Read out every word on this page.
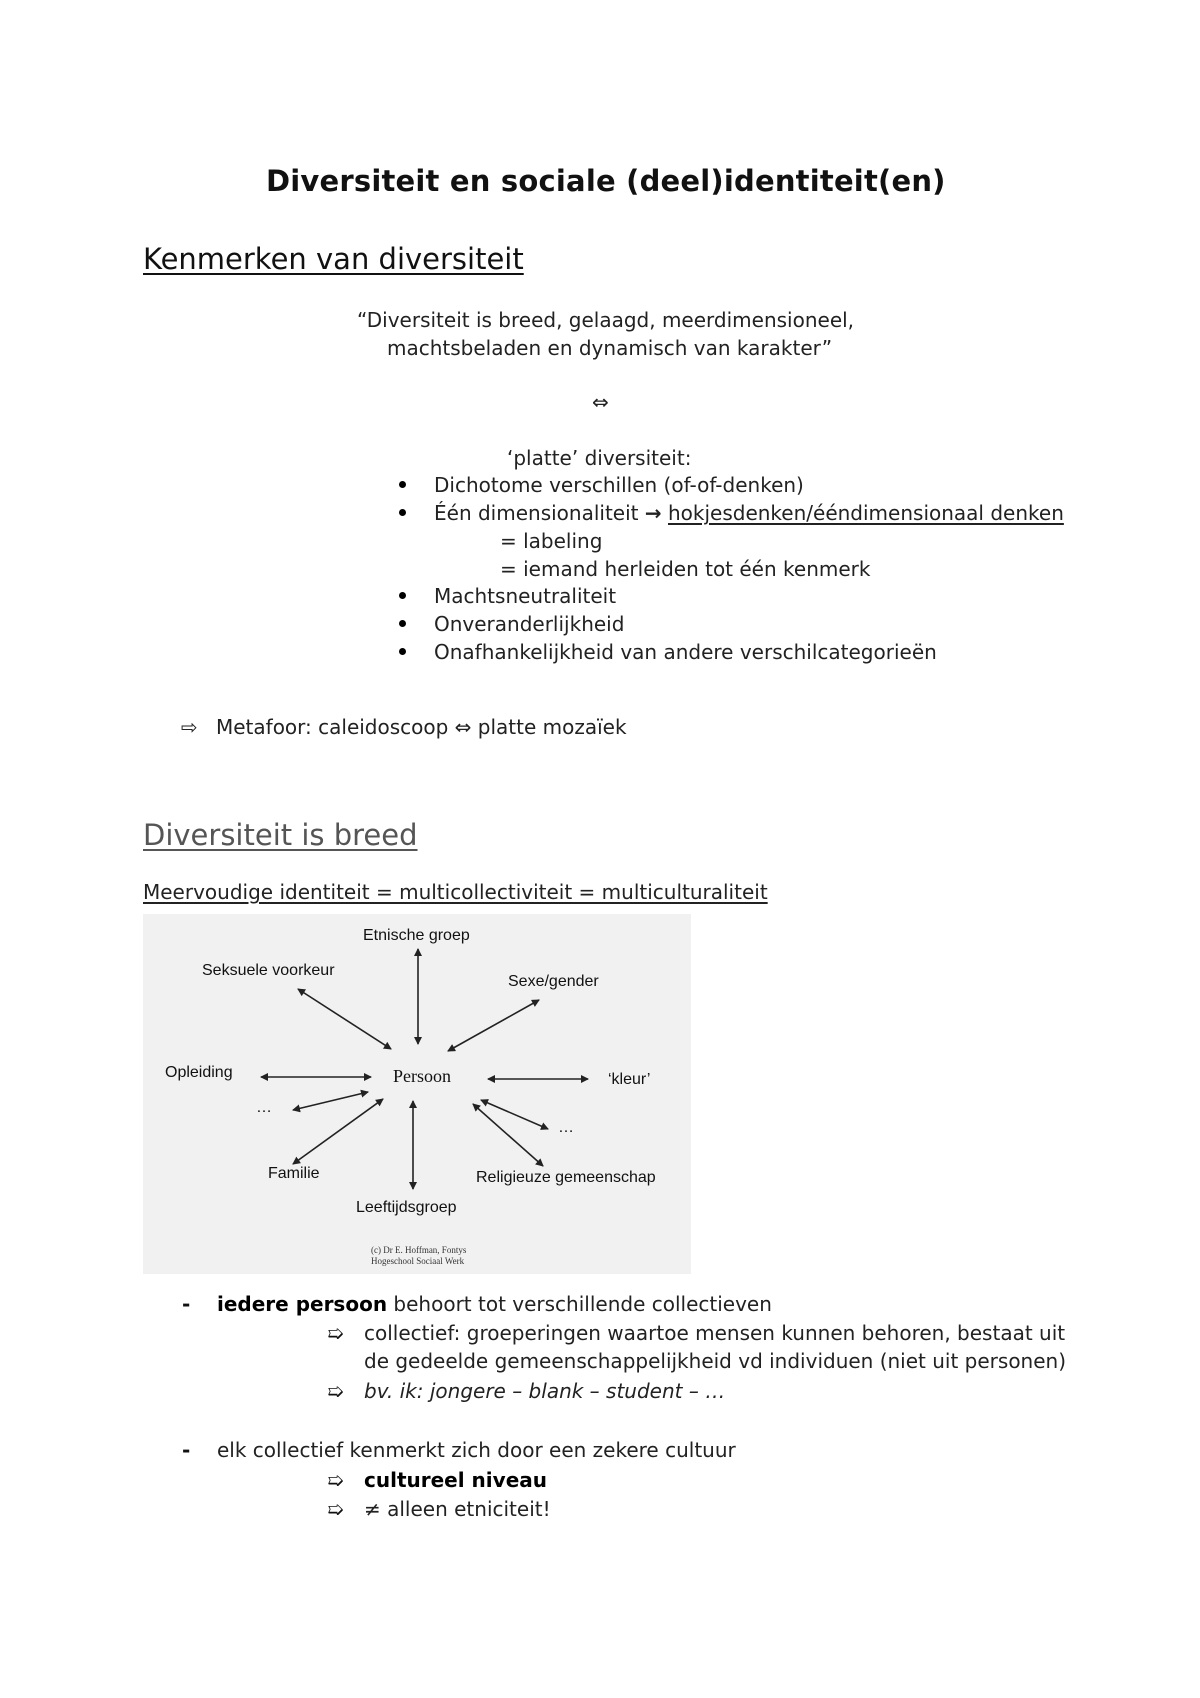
Diversiteit en sociale (deel)identiteit(en)
Kenmerken van diversiteit
“Diversiteit is breed, gelaagd, meerdimensioneel,
machtsbeladen en dynamisch van karakter”
⇔
‘platte’ diversiteit:
Dichotome verschillen (of-of-denken)
Één dimensionaliteit → hokjesdenken/ééndimensionaal denken
= labeling
= iemand herleiden tot één kenmerk
Machtsneutraliteit
Onveranderlijkheid
Onafhankelijkheid van andere verschilcategorieën
⇨ Metafoor: caleidoscoop ⇔ platte mozaïek
Diversiteit is breed
Meervoudige identiteit = multicollectiviteit = multiculturaliteit
Etnische groep
Seksuele voorkeur
Sexe/gender
Opleiding	‘kleur’
…
…
Familie	Religieuze gemeenschap
Leeftijdsgroep
Persoon
(c) Dr E. Hoffman, Fontys
Hogeschool Sociaal Werk
- iedere persoon behoort tot verschillende collectieven
➯ collectief: groeperingen waartoe mensen kunnen behoren, bestaat uit
de gedeelde gemeenschappelijkheid vd individuen (niet uit personen)
➯ bv. ik: jongere – blank – student – …
- elk collectief kenmerkt zich door een zekere cultuur
➯ cultureel niveau
➯ ≠ alleen etniciteit!
